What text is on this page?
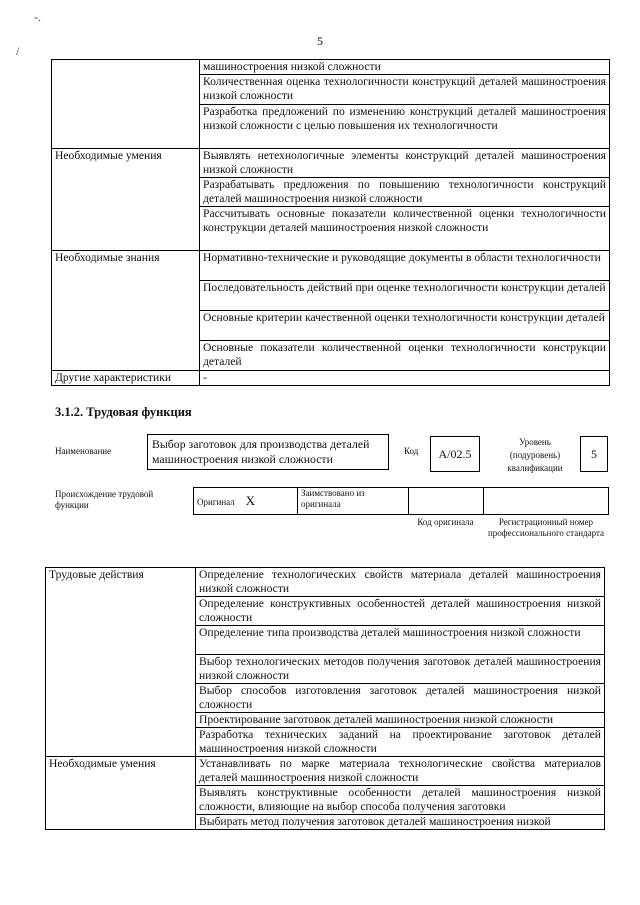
-.
/
5
	машиностроения низкой сложности
	Количественная оценка технологичности конструкций деталей машиностроения низкой сложности
	Разработка предложений по изменению конструкций деталей машиностроения низкой сложности с целью повышения их технологичности
Необходимые умения	Выявлять нетехнологичные элементы конструкций деталей машиностроения низкой сложности
	Разрабатывать предложения по повышению технологичности конструкций деталей машиностроения низкой сложности
	Рассчитывать основные показатели количественной оценки технологичности конструкции деталей машиностроения низкой сложности
Необходимые знания	Нормативно-технические и руководящие документы в области технологичности
	Последовательность действий при оценке технологичности конструкции деталей
	Основные критерии качественной оценки технологичности конструкции деталей
	Основные показатели количественной оценки технологичности конструкции деталей
Другие характеристики	-
3.1.2. Трудовая функция
Наименование	Выбор заготовок для производства деталей машиностроения низкой сложности
Код	A/02.5
Уровень (подуровень) квалификации
5
Происхождение трудовой функции	Оригинал X	Заимствовано из оригинала		
Код оригинала	Регистрационный номер профессионального стандарта
Трудовые действия	Определение технологических свойств материала деталей машиностроения низкой сложности
	Определение конструктивных особенностей деталей машиностроения низкой сложности
	Определение типа производства деталей машиностроения низкой сложности
	Выбор технологических методов получения заготовок деталей машиностроения низкой сложности
	Выбор способов изготовления заготовок деталей машиностроения низкой сложности
	Проектирование заготовок деталей машиностроения низкой сложности
	Разработка технических заданий на проектирование заготовок деталей машиностроения низкой сложности
Необходимые умения	Устанавливать по марке материала технологические свойства материалов деталей машиностроения низкой сложности
	Выявлять конструктивные особенности деталей машиностроения низкой сложности, влияющие на выбор способа получения заготовки
	Выбирать метод получения заготовок деталей машиностроения низкой
